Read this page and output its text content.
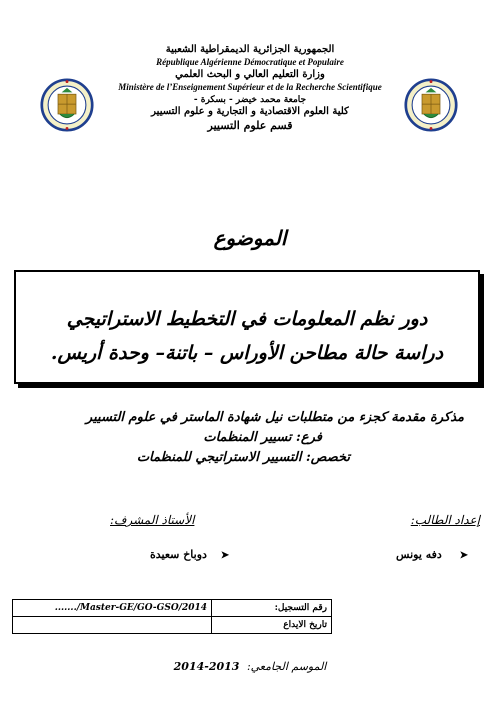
الجمهورية الجزائرية الديمقراطية الشعبية
République Algérienne Démocratique et Populaire
وزارة التعليم العالي و البحث العلمي
Ministère de l’Enseignement Supérieur et de la Recherche Scientifique
جامعة محمد خيضر - بسكرة -
كلية العلوم الاقتصادية و التجارية و علوم التسيير
قسم علوم التسيير
الموضوع
دور نظم المعلومات في التخطيط الاستراتيجي
دراسة حالة مطاحن الأوراس – باتنة– وحدة أريس.
مذكرة مقدمة كجزء من متطلبات نيل شهادة الماستر في علوم التسيير
فرع: تسيير المنظمات
تخصص: التسيير الاستراتيجي للمنظمات
إعداد الطالب:
الأستاذ المشرف:
➤ دفه يونس
➤ دوباخ سعيدة
......./Master-GE/GO-GSO/2014	رقم التسجيل:
	تاريخ الايداع
2014-2013 الموسم الجامعي:
